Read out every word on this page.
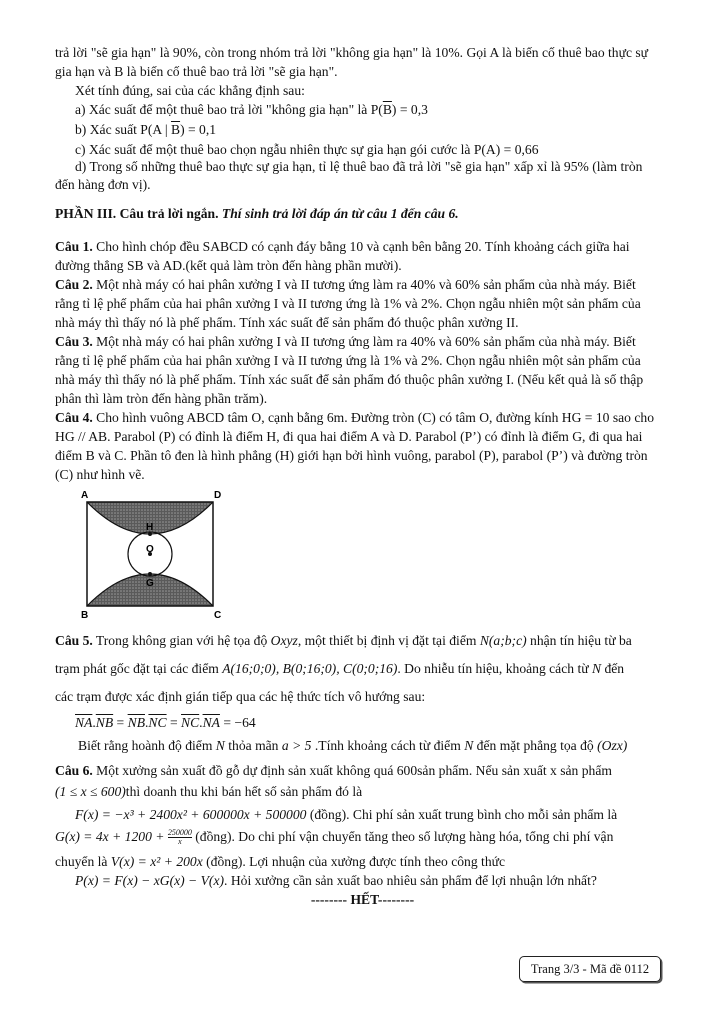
trả lời "sẽ gia hạn" là 90%, còn trong nhóm trả lời "không gia hạn" là 10%. Gọi A là biến cố thuê bao thực sự
gia hạn và B là biến cố thuê bao trả lời "sẽ gia hạn".
Xét tính đúng, sai của các khẳng định sau:
a) Xác suất để một thuê bao trả lời "không gia hạn" là $P(\overline{B}) = 0,3$
b) Xác suất P(A | $\overline{B}) = 0,1$
c) Xác suất để một thuê bao chọn ngẫu nhiên thực sự gia hạn gói cước là P(A) = 0,66
d) Trong số những thuê bao thực sự gia hạn, tỉ lệ thuê bao đã trả lời "sẽ gia hạn" xấp xỉ là 95% (làm tròn
đến hàng đơn vị).
PHẦN III. Câu trả lời ngắn. Thí sinh trả lời đáp án từ câu 1 đến câu 6.
Câu 1. Cho hình chóp đều SABCD có cạnh đáy bằng 10 và cạnh bên bằng 20. Tính khoảng cách giữa hai
đường thẳng SB và AD.(kết quả làm tròn đến hàng phần mười).
Câu 2. Một nhà máy có hai phân xưởng I và II tương ứng làm ra 40% và 60% sản phẩm của nhà máy. Biết
rằng tỉ lệ phế phẩm của hai phân xưởng I và II tương ứng là 1% và 2%. Chọn ngẫu nhiên một sản phẩm của
nhà máy thì thấy nó là phế phẩm. Tính xác suất để sản phẩm đó thuộc phân xưởng II.
Câu 3. Một nhà máy có hai phân xưởng I và II tương ứng làm ra 40% và 60% sản phẩm của nhà máy. Biết
rằng tỉ lệ phế phẩm của hai phân xưởng I và II tương ứng là 1% và 2%. Chọn ngẫu nhiên một sản phẩm của
nhà máy thì thấy nó là phế phẩm. Tính xác suất để sản phẩm đó thuộc phân xưởng I. (Nếu kết quả là số thập
phân thì làm tròn đến hàng phần trăm).
Câu 4. Cho hình vuông ABCD tâm O, cạnh bằng 6m. Đường tròn (C) có tâm O, đường kính HG = 10 sao cho
HG // AB. Parabol (P) có đỉnh là điểm H, đi qua hai điểm A và D. Parabol (P’) có đỉnh là điểm G, đi qua hai
điểm B và C. Phần tô đen là hình phẳng (H) giới hạn bởi hình vuông, parabol (P), parabol (P’) và đường tròn
(C) như hình vẽ.
A	D
B	C
H
O
G
Câu 5. Trong không gian với hệ tọa độ Oxyz, một thiết bị định vị đặt tại điểm N(a;b;c) nhận tín hiệu từ ba
trạm phát gốc đặt tại các điểm A(16;0;0), B(0;16;0), C(0;0;16). Do nhiễu tín hiệu, khoảng cách từ N đến
các trạm được xác định gián tiếp qua các hệ thức tích vô hướng sau:
$\overline{NA}.\overline{NB} = \overline{NB}.\overline{NC} = \overline{NC}.\overline{NA} = -64$
Biết rằng hoành độ điểm N thỏa mãn a > 5 .Tính khoảng cách từ điểm N đến mặt phẳng tọa độ (Ozx)
Câu 6. Một xưởng sản xuất đồ gỗ dự định sản xuất không quá 600sản phẩm. Nếu sản xuất x sản phẩm
(1 ≤ x ≤ 600)thì doanh thu khi bán hết số sản phẩm đó là
F(x) = −x³ + 2400x² + 600000x + 500000 (đồng). Chi phí sản xuất trung bình cho mỗi sản phẩm là
$G(x) = 4x + 1200 + \frac{250000}{x}$ (đồng). Do chi phí vận chuyển tăng theo số lượng hàng hóa, tổng chi phí vận
chuyển là V(x) = x² + 200x (đồng). Lợi nhuận của xưởng được tính theo công thức
P(x) = F(x) − xG(x) − V(x). Hỏi xưởng cần sản xuất bao nhiêu sản phẩm để lợi nhuận lớn nhất?
-------- HẾT--------
Trang 3/3 - Mã đề 0112
